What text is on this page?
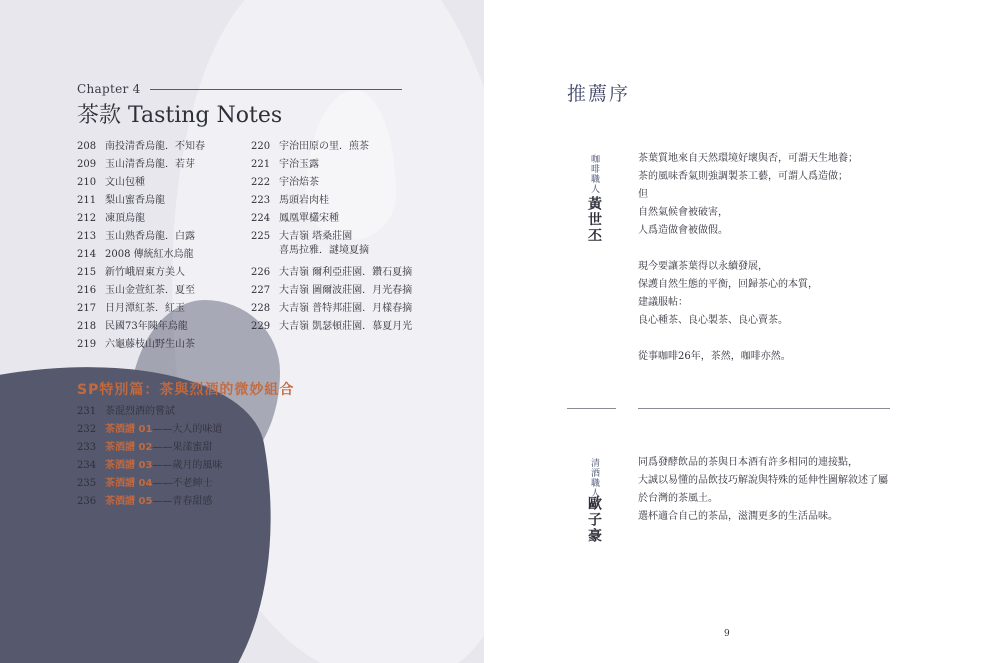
Chapter 4
茶款 Tasting Notes
208 南投清香烏龍．不知春
209 玉山清香烏龍．若芽
210 文山包種
211 梨山蜜香烏龍
212 凍頂烏龍
213 玉山熟香烏龍．白露
214 2008 傳統紅水烏龍
215 新竹峨眉東方美人
216 玉山金萱紅茶．夏至
217 日月潭紅茶．紅玉
218 民國73年陳年烏龍
219 六龜藤枝山野生山茶
220 宇治田原の里．煎茶
221 宇治玉露
222 宇治焙茶
223 馬頭岩肉桂
224 鳳凰單欉宋種
225 大吉嶺 塔桑莊園
喜馬拉雅．謎境夏摘
226 大吉嶺 爾利亞莊園．鑽石夏摘
227 大吉嶺 圖爾波莊園．月光春摘
228 大吉嶺 普特邦莊園．月樣春摘
229 大吉嶺 凱瑟頓莊園．慕夏月光
SP特別篇：茶與烈酒的微妙組合
231 茶混烈酒的嘗試
232 茶酒譜 01——大人的味道
233 茶酒譜 02——果漾蜜甜
234 茶酒譜 03——歲月的風味
235 茶酒譜 04——不老紳士
236 茶酒譜 05——青春甜感
推薦序
咖啡職人
黃世丕
茶葉質地來自天然環境好壞與否，可謂天生地養；
茶的風味香氣則強調製茶工藝，可謂人爲造做；
但
自然氣候會被破害，
人爲造做會被做假。
現今要讓茶葉得以永續發展，
保護自然生態的平衡，回歸茶心的本質，
建議服帖：
良心種茶、良心製茶、良心賣茶。
從事咖啡26年，茶然，咖啡亦然。
清酒職人
歐子豪
同爲發酵飲品的茶與日本酒有許多相同的連接點，
大誠以易懂的品飲技巧解說與特殊的延伸性圖解敘述了屬
於台灣的茶風土。
選杯適合自己的茶品，滋潤更多的生活品味。
9
